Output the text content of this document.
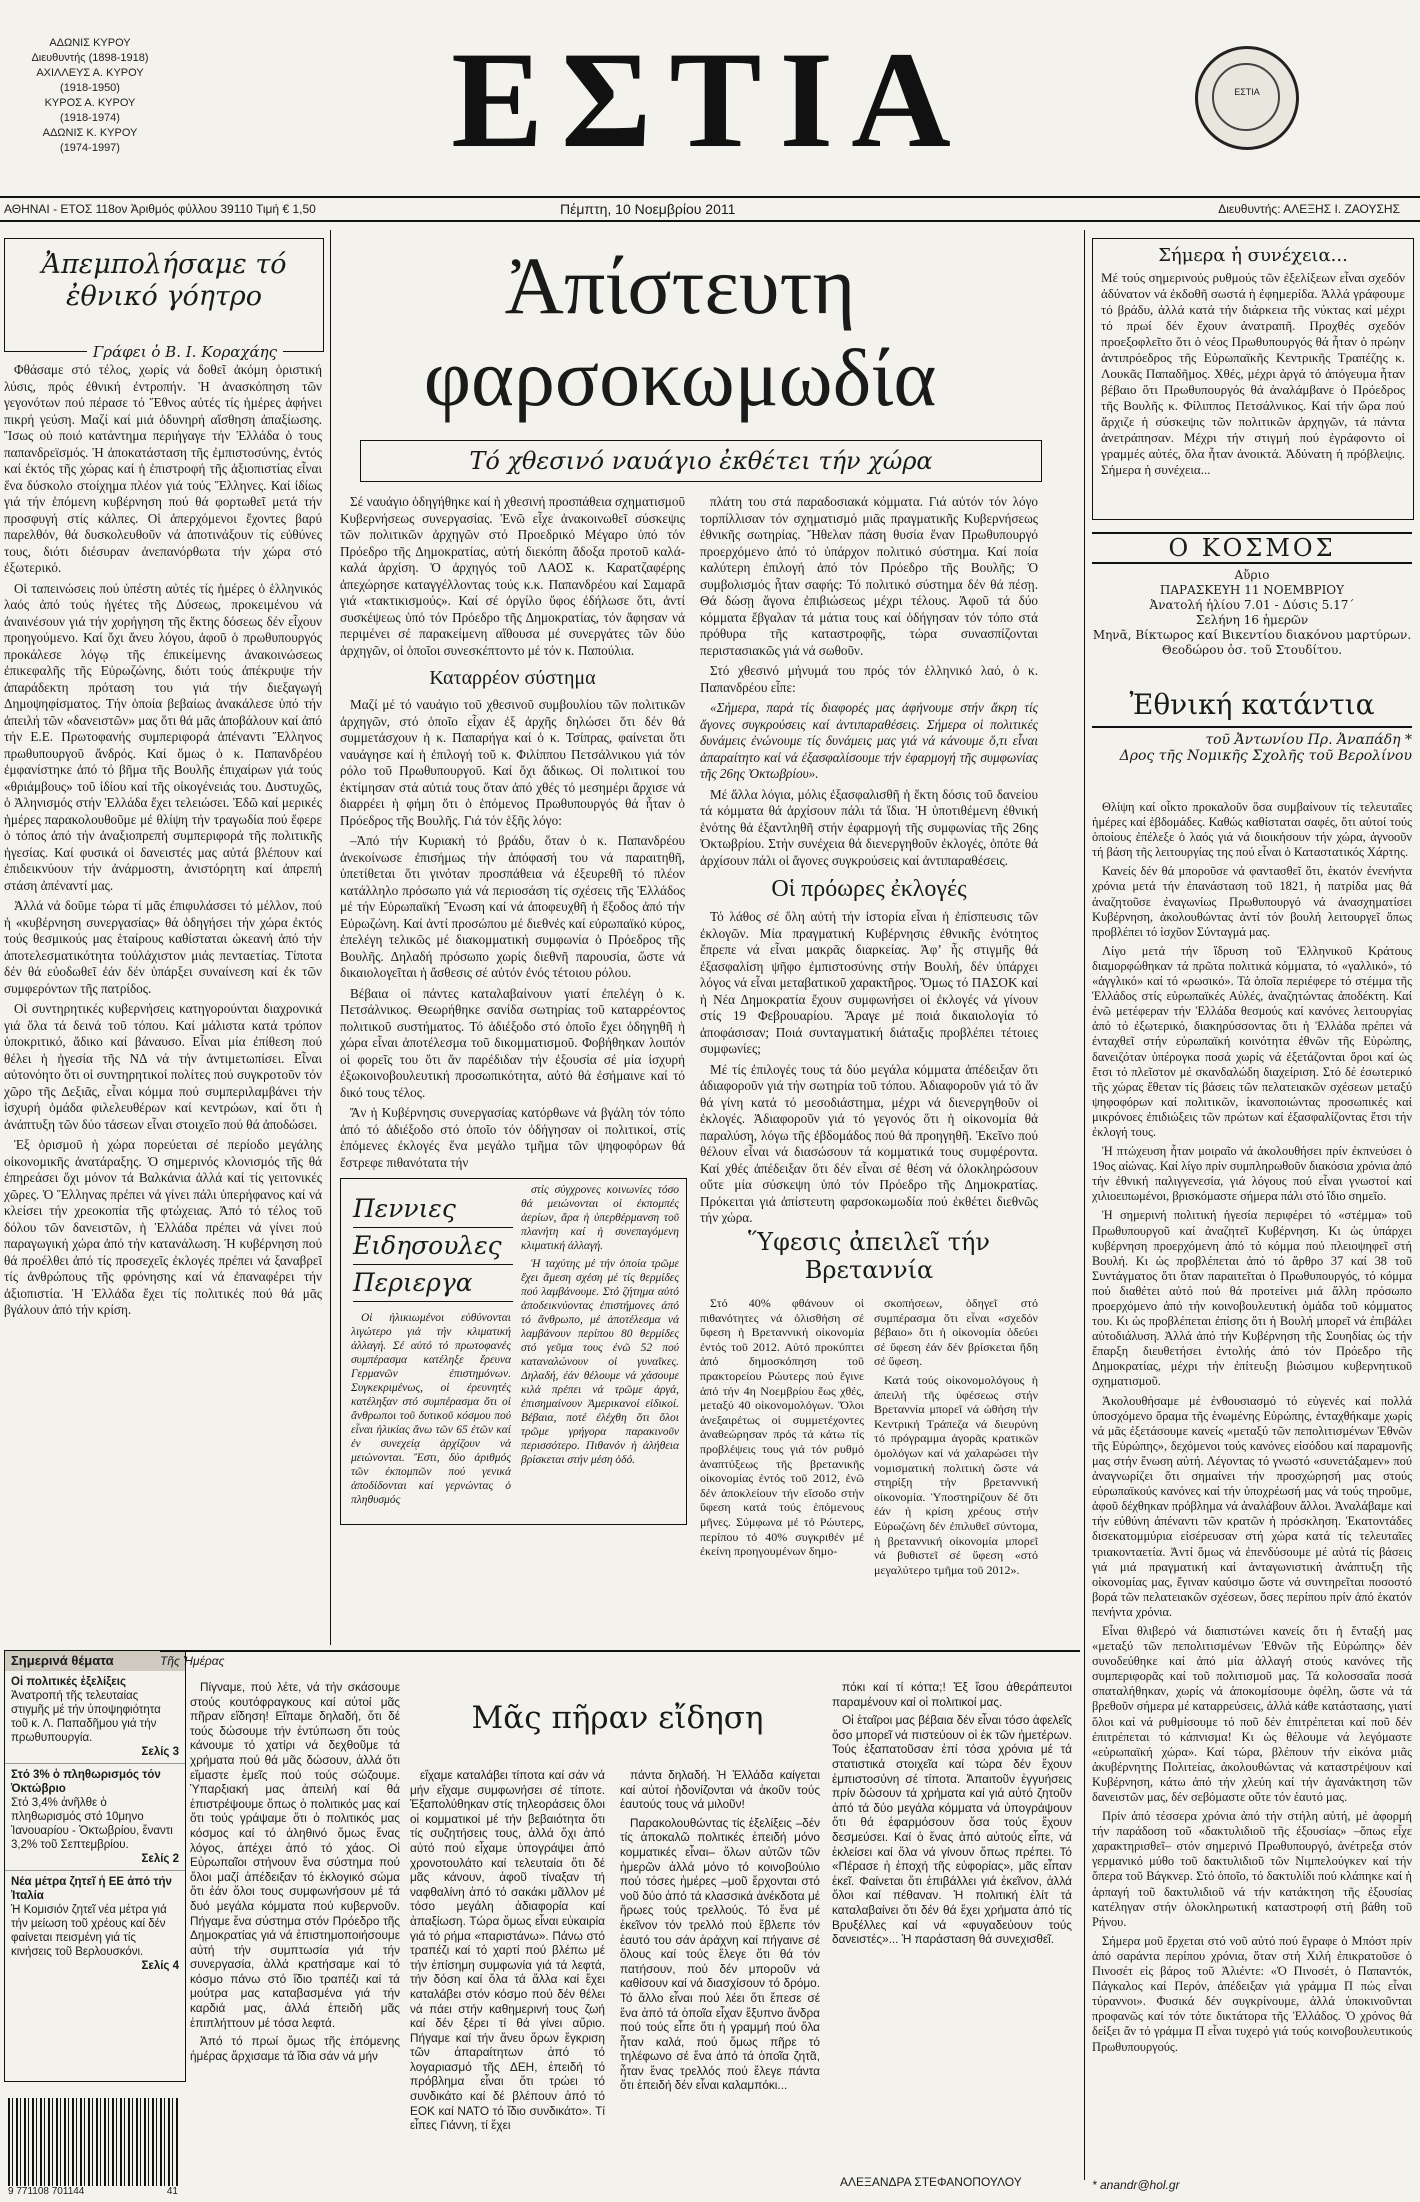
ΑΔΩΝΙΣ ΚΥΡΟΥ
Διευθυντής (1898-1918)
ΑΧΙΛΛΕΥΣ Α. ΚΥΡΟΥ
(1918-1950)
ΚΥΡΟΣ Α. ΚΥΡΟΥ
(1918-1974)
ΑΔΩΝΙΣ Κ. ΚΥΡΟΥ
(1974-1997)	ΕΣΤΙΑ	ΕΣΤΙΑ
ΑΘΗΝΑΙ - ΕΤΟΣ 118ον Ἀριθμός φύλλου 39110 Τιμή € 1,50	Πέμπτη, 10 Νοεμβρίου 2011	Διευθυντής: ΑΛΕΞΗΣ Ι. ΖΑΟΥΣΗΣ
Ἀπεμπολήσαμε τό ἐθνικό γόητρο
Γράφει ὁ Β. Ι. Κοραχάης

Φθάσαμε στό τέλος, χωρίς νά δοθεῖ ἀκόμη ὁριστική λύσις, πρός ἐθνική ἐντροπήν. Ἡ ἀνασκόπηση τῶν γεγονότων πού πέρασε τό Ἔθνος αὐτές τίς ἡμέρες ἀφήνει πικρή γεύση. Μαζί καί μιά ὀδυνηρή αἴσθηση ἀπαξίωσης. Ἴσως οὐ ποιό κατάντημα περιήγαγε τήν Ἑλλάδα ὁ τους παπανδρεϊσμός. Ἡ ἀποκατάσταση τῆς ἐμπιστοσύνης, ἐντός καί ἐκτός τῆς χώρας καί ἡ ἐπιστροφή τῆς ἀξιοπιστίας εἶναι ἕνα δύσκολο στοίχημα πλέον γιά τούς Ἕλληνες. Καί ἰδίως γιά τήν ἑπόμενη κυβέρνηση πού θά φορτωθεῖ μετά τήν προσφυγή στίς κάλπες. Οἱ ἀπερχόμενοι ἔχοντες βαρύ παρελθόν, θά δυσκολευθοῦν νά ἀποτινάξουν τίς εὐθύνες τους, διότι διέσυραν ἀνεπανόρθωτα τήν χώρα στό ἐξωτερικό.

Οἱ ταπεινώσεις πού ὑπέστη αὐτές τίς ἡμέρες ὁ ἑλληνικός λαός ἀπό τούς ἡγέτες τῆς Δύσεως, προκειμένου νά ἀναινέσουν γιά τήν χορήγηση τῆς ἕκτης δόσεως δέν εἶχουν προηγούμενο. Καί ὄχι ἄνευ λόγου, ἀφοῦ ὁ πρωθυπουργός προκάλεσε λόγῳ τῆς ἐπικείμενης ἀνακοινώσεως ἐπικεφαλῆς τῆς Εὐρωζώνης, διότι τούς ἀπέκρυψε τήν ἀπαράδεκτη πρόταση του γιά τήν διεξαγωγή Δημοψηφίσματος. Τήν ὁποία βεβαίως ἀνακάλεσε ὑπό τήν ἀπειλή τῶν «δανειστῶν» μας ὅτι θά μᾶς ἀποβάλουν καί ἀπό τήν Ε.Ε. Πρωτοφανής συμπεριφορά ἀπέναντι Ἕλληνος πρωθυπουργοῦ ἄνδρός. Καί ὅμως ὁ κ. Παπανδρέου ἐμφανίστηκε ἀπό τό βῆμα τῆς Βουλῆς ἐπιχαίρων γιά τούς «θριάμβους» τοῦ ἰδίου καί τῆς οἰκογένειάς του. Δυστυχῶς, ὁ Ἀληνισμός στήν Ἑλλάδα ἔχει τελειώσει. Ἐδῶ καί μερικές ἡμέρες παρακολουθοῦμε μέ θλίψη τήν τραγωδία πού ἔφερε ὁ τόπος ἀπό τήν ἀναξιοπρεπή συμπεριφορά τῆς πολιτικῆς ἡγεσίας. Καί φυσικά οἱ δανειστές μας αὐτά βλέπουν καί ἐπιδεικνύουν τήν ἀνάρμοστη, ἀνιστόρητη καί ἀπρεπή στάση ἀπέναντί μας.

Ἀλλά νά δοῦμε τώρα τί μᾶς ἐπιφυλάσσει τό μέλλον, πού ἡ «κυβέρνηση συνεργασίας» θά ὁδηγήσει τήν χώρα ἐκτός τούς θεσμικούς μας ἑταίρους καθίσταται ὠκεανή ἀπό τήν ἀποτελεσματικότητα τούλάχιστον μιάς πενταετίας. Τίποτα δέν θά εὐοδωθεῖ ἐάν δέν ὑπάρξει συναίνεση καί ἐκ τῶν συμφερόντων τῆς πατρίδος.

Οἱ συντηρητικές κυβερνήσεις κατηγορούνται διαχρονικά γιά ὅλα τά δεινά τοῦ τόπου. Καί μάλιστα κατά τρόπον ὑποκριτικό, ἄδικο καί βάναυσο. Εἶναι μία ἐπίθεση πού θέλει ἡ ἡγεσία τῆς ΝΔ νά τήν ἀντιμετωπίσει. Εἶναι αὐτονόητο ὅτι οἱ συντηρητικοί πολίτες πού συγκροτοῦν τόν χῶρο τῆς Δεξιᾶς, εἶναι κόμμα πού συμπεριλαμβάνει τήν ἰσχυρή ὁμάδα φιλελευθέρων καί κεντρώων, καί ὅτι ἡ ἀνάπτυξη τῶν δύο τάσεων εἶναι στοιχεῖο πού θά ἀποδώσει.

Ἐξ ὁρισμοῦ ἡ χώρα πορεύεται σέ περίοδο μεγάλης οἰκονομικῆς ἀνατάραξης. Ὁ σημερινός κλονισμός τῆς θά ἐπηρεάσει ὄχι μόνον τά Βαλκάνια ἀλλά καί τίς γειτονικές χῶρες. Ὁ Ἕλληνας πρέπει νά γίνει πάλι ὑπερήφανος καί νά κλείσει τήν χρεοκοπία τῆς φτώχειας. Ἀπό τό τέλος τοῦ δόλου τῶν δανειστῶν, ἡ Ἑλλάδα πρέπει νά γίνει πού παραγωγική χώρα ἀπό τήν κατανάλωση. Ἡ κυβέρνηση πού θά προέλθει ἀπό τίς προσεχεῖς ἐκλογές πρέπει νά ξαναβρεῖ τίς ἀνθρώπους τῆς φρόνησης καί νά ἐπαναφέρει τήν ἀξιοπιστία. Ἡ Ἑλλάδα ἔχει τίς πολιτικές πού θά μᾶς βγάλουν ἀπό τήν κρίση.

Ἀπίστευτη
φαρσοκωμωδία
Τό χθεσινό ναυάγιο ἐκθέτει τήν χώρα

Σέ ναυάγιο ὁδηγήθηκε καί ἡ χθεσινή προσπάθεια σχηματισμοῦ Κυβερνήσεως συνεργασίας. Ἐνῶ εἶχε ἀνακοινωθεῖ σύσκεψις τῶν πολιτικῶν ἀρχηγῶν στό Προεδρικό Μέγαρο ὑπό τόν Πρόεδρο τῆς Δημοκρατίας, αὐτή διεκόπη ἄδοξα προτοῦ καλά-καλά ἀρχίση. Ὁ ἀρχηγός τοῦ ΛΑΟΣ κ. Καρατζαφέρης ἀπεχώρησε καταγγέλλοντας τούς κ.κ. Παπανδρέου καί Σαμαρᾶ γιά «τακτικισμούς». Καί σέ ὀργίλο ὕφος ἐδήλωσε ὅτι, ἀντί συσκέψεως ὑπό τόν Πρόεδρο τῆς Δημοκρατίας, τόν ἄφησαν νά περιμένει σέ παρακείμενη αἴθουσα μέ συνεργάτες τῶν δύο ἀρχηγῶν, οἱ ὁποῖοι συνεσκέπτοντο μέ τόν κ. Παπούλια.

Καταρρέον σύστημα

Μαζί μέ τό ναυάγιο τοῦ χθεσινοῦ συμβουλίου τῶν πολιτικῶν ἀρχηγῶν, στό ὁποῖο εἶχαν ἐξ ἀρχῆς δηλώσει ὅτι δέν θά συμμετάσχουν ἡ κ. Παπαρήγα καί ὁ κ. Τσίπρας, φαίνεται ὅτι ναυάγησε καί ἡ ἐπιλογή τοῦ κ. Φιλίππου Πετσάλνικου γιά τόν ρόλο τοῦ Πρωθυπουργοῦ. Καί ὄχι ἄδικως. Οἱ πολιτικοί του ἐκτίμησαν στά αὐτιά τους ὅταν ἀπό χθές τό μεσημέρι ἄρχισε νά διαρρέει ἡ φήμη ὅτι ὁ ἑπόμενος Πρωθυπουργός θά ἦταν ὁ Πρόεδρος τῆς Βουλῆς. Γιά τόν ἑξῆς λόγο:

–Ἀπό τήν Κυριακή τό βράδυ, ὅταν ὁ κ. Παπανδρέου ἀνεκοίνωσε ἐπισήμως τήν ἀπόφασή του νά παραιτηθῆ, ὑπετίθεται ὅτι γινόταν προσπάθεια νά ἐξευρεθῆ τό πλέον κατάλληλο πρόσωπο γιά νά περιοσάση τίς σχέσεις τῆς Ἑλλάδος μέ τήν Εὐρωπαϊκή Ἕνωση καί νά ἀποφευχθῆ ἡ ἔξοδος ἀπό τήν Εὐρωζώνη. Καί ἀντί προσώπου μέ διεθνές καί εὐρωπαϊκό κύρος, ἐπελέγη τελικῶς μέ διακομματική συμφωνία ὁ Πρόεδρος τῆς Βουλῆς. Δηλαδή πρόσωπο χωρίς διεθνῆ παρουσία, ὥστε νά δικαιολογεῖται ἡ ἄσθεσις σέ αὐτόν ἐνός τέτοιου ρόλου.

Βέβαια οἱ πάντες καταλαβαίνουν γιατί ἐπελέγη ὁ κ. Πετσάλνικος. Θεωρήθηκε σανίδα σωτηρίας τοῦ καταρρέοντος πολιτικοῦ συστήματος. Τό ἀδιέξοδο στό ὁποῖο ἔχει ὁδηγηθῆ ἡ χώρα εἶναι ἀποτέλεσμα τοῦ δικομματισμοῦ. Φοβήθηκαν λοιπόν οἱ φορεῖς του ὅτι ἄν παρέδιδαν τήν ἐξουσία σέ μία ἰσχυρή ἐξωκοινοβουλευτική προσωπικότητα, αὐτό θά ἐσήμαινε καί τό δικό τους τέλος.

Ἄν ἡ Κυβέρνησις συνεργασίας κατόρθωνε νά βγάλη τόν τόπο ἀπό τό ἀδιέξοδο στό ὁποῖο τόν ὁδήγησαν οἱ πολιτικοί, στίς ἑπόμενες ἐκλογές ἕνα μεγάλο τμῆμα τῶν ψηφοφόρων θά ἔστρεφε πιθανότατα τήν

πλάτη του στά παραδοσιακά κόμματα. Γιά αὐτόν τόν λόγο τορπίλλισαν τόν σχηματισμό μιᾶς πραγματικῆς Κυβερνήσεως ἐθνικῆς σωτηρίας. Ἤθελαν πάση θυσία ἕναν Πρωθυπουργό προερχόμενο ἀπό τό ὑπάρχον πολιτικό σύστημα. Καί ποία καλύτερη ἐπιλογή ἀπό τόν Πρόεδρο τῆς Βουλῆς; Ὁ συμβολισμός ἦταν σαφής: Τό πολιτικό σύστημα δέν θά πέσῃ. Θά δώσῃ ἄγονα ἐπιβιώσεως μέχρι τέλους. Ἀφοῦ τά δύο κόμματα ἔβγαλαν τά μάτια τους καί ὁδήγησαν τόν τόπο στά πρόθυρα τῆς καταστροφῆς, τώρα συνασπίζονται περιστασιακῶς γιά νά σωθοῦν.

Στό χθεσινό μήνυμά του πρός τόν ἑλληνικό λαό, ὁ κ. Παπανδρέου εἶπε:

«Σήμερα, παρά τίς διαφορές μας ἀφήνουμε στήν ἄκρη τίς ἄγονες συγκρούσεις καί ἀντιπαραθέσεις. Σήμερα οἱ πολιτικές δυνάμεις ἐνώνουμε τίς δυνάμεις μας γιά νά κάνουμε ὅ,τι εἶναι ἀπαραίτητο καί νά ἐξασφαλίσουμε τήν ἐφαρμογή τῆς συμφωνίας τῆς 26ης Ὀκτωβρίου».

Μέ ἄλλα λόγια, μόλις ἐξασφαλισθῆ ἡ ἕκτη δόσις τοῦ δανείου τά κόμματα θά ἀρχίσουν πάλι τά ἴδια. Ἡ ὑποτιθέμενη ἐθνική ἑνότης θά ἐξαντληθῆ στήν ἐφαρμογή τῆς συμφωνίας τῆς 26ης Ὀκτωβρίου. Στήν συνέχεια θά διενεργηθοῦν ἐκλογές, ὁπότε θά ἀρχίσουν πάλι οἱ ἄγονες συγκρούσεις καί ἀντιπαραθέσεις.

Οἱ πρόωρες ἐκλογές

Τό λάθος σέ ὅλη αὐτή τήν ἱστορία εἶναι ἡ ἐπίσπευσις τῶν ἐκλογῶν. Μία πραγματική Κυβέρνησις ἐθνικῆς ἑνότητος ἔπρεπε νά εἶναι μακρᾶς διαρκείας. Ἀφ’ ἧς στιγμῆς θά ἐξασφαλίση ψῆφο ἐμπιστοσύνης στήν Βουλή, δέν ὑπάρχει λόγος νά εἶναι μεταβατικοῦ χαρακτῆρος. Ὅμως τό ΠΑΣΟΚ καί ἡ Νέα Δημοκρατία ἔχουν συμφωνήσει οἱ ἐκλογές νά γίνουν στίς 19 Φεβρουαρίου. Ἄραγε μέ ποιά δικαιολογία τό ἀποφάσισαν; Ποιά συνταγματική διάταξις προβλέπει τέτοιες συμφωνίες;

Μέ τίς ἐπιλογές τους τά δύο μεγάλα κόμματα ἀπέδειξαν ὅτι ἀδιαφοροῦν γιά τήν σωτηρία τοῦ τόπου. Ἀδιαφοροῦν γιά τό ἄν θά γίνη κατά τό μεσοδιάστημα, μέχρι νά διενεργηθοῦν οἱ ἐκλογές. Ἀδιαφοροῦν γιά τό γεγονός ὅτι ἡ οἰκονομία θά παραλύση, λόγω τῆς ἐβδομάδος πού θά προηγηθῆ. Ἐκεῖνο πού θέλουν εἶναι νά διασώσουν τά κομματικά τους συμφέροντα. Καί χθές ἀπέδειξαν ὅτι δέν εἶναι σέ θέση νά ὀλοκληρώσουν οὔτε μία σύσκεψη ὑπό τόν Πρόεδρο τῆς Δημοκρατίας. Πρόκειται γιά ἀπίστευτη φαρσοκωμωδία πού ἐκθέτει διεθνῶς τήν χώρα.

Ὕφεσις ἀπειλεῖ τήν Βρεταννία

Στό 40% φθάνουν οἱ πιθανότητες νά ὀλισθήση σέ ὕφεση ἡ Βρεταννική οἰκονομία ἐντός τοῦ 2012. Αὐτό προκύπτει ἀπό δημοσκόπηση τοῦ πρακτορείου Ρώυτερς πού ἔγινε ἀπό τήν 4η Νοεμβρίου ἕως χθές, μεταξύ 40 οἰκονομολόγων. Ὅλοι ἀνεξαιρέτως οἱ συμμετέχοντες ἀναθεώρησαν πρός τά κάτω τίς προβλέψεις τους γιά τόν ρυθμό ἀναπτύξεως τῆς βρετανικῆς οἰκονομίας ἐντός τοῦ 2012, ἐνῶ δέν ἀποκλείουν τήν εἴσοδο στήν ὕφεση κατά τούς ἑπόμενους μῆνες. Σύμφωνα μέ τό Ρώυτερς, περίπου τό 40% συγκριθέν μέ ἐκείνη προηγουμένων δημο-

σκοπήσεων, ὁδηγεῖ στό συμπέρασμα ὅτι εἶναι «σχεδόν βέβαιο» ὅτι ἡ οἰκονομία ὁδεύει σέ ὕφεση ἐάν δέν βρίσκεται ἤδη σέ ὕφεση.

Κατά τούς οἰκονομολόγους ἡ ἀπειλή τῆς ὑφέσεως στήν Βρεταννία μπορεῖ νά ὠθήση τήν Κεντρική Τράπεζα νά διευρύνη τό πρόγραμμα ἀγορᾶς κρατικῶν ὁμολόγων καί νά χαλαρώσει τήν νομισματική πολιτική ὥστε νά στηρίξη τήν βρεταννική οἰκονομία. Ὑποστηρίζουν δέ ὅτι ἐάν ἡ κρίση χρέους στήν Εὐρωζώνη δέν ἐπιλυθεῖ σύντομα, ἡ βρεταννική οἰκονομία μπορεῖ νά βυθιστεῖ σέ ὕφεση «στό μεγαλύτερο τμῆμα τοῦ 2012».

Πεννιες
Ειδησουλες
Περιεργα

Οἱ ἠλικιωμένοι εὐθύνονται λιγώτερο γιά τήν κλιματική ἀλλαγή. Σέ αὐτό τό πρωτοφανές συμπέρασμα κατέληξε ἔρευνα Γερμανῶν ἐπιστημόνων. Συγκεκριμένως, οἱ ἐρευνητές κατέληξαν στό συμπέρασμα ὅτι οἱ ἄνθρωποι τοῦ δυτικοῦ κόσμου πού εἶναι ἡλικίας ἄνω τῶν 65 ἐτῶν καί ἐν συνεχείᾳ ἀρχίζουν νά μειώνονται. Ἔστι, δύο ἀριθμός τῶν ἐκπομπῶν πού γενικά ἀποδίδονται καί γερνώντας ὁ πληθυσμός

στίς σύγχρονες κοινωνίες τόσο θά μειώνονται οἱ ἐκπομπές ἀερίων, ἄρα ἡ ὑπερθέρμανση τοῦ πλανήτη καί ἡ συνεπαγόμενη κλιματική ἀλλαγή.

Ἡ ταχύτης μέ τήν ὁποία τρῶμε ἔχει ἄμεση σχέση μέ τίς θερμίδες πού λαμβάνουμε. Στό ζήτημα αὐτό ἀποδεικνύοντας ἐπιστήμονες ἀπό τό ἄνθρωπο, μέ ἀποτέλεσμα νά λαμβάνουν περίπου 80 θερμίδες στό γεῦμα τους ἐνῶ 52 πού καταναλώνουν οἱ γυναῖκες. Δηλαδή, ἐάν θέλουμε νά χάσουμε κιλά πρέπει νά τρῶμε ἀργά, ἐπισημαίνουν Ἀμερικανοί εἰδικοί. Βέβαια, ποτέ ἐλέχθη ὅτι ὅλοι τρῶμε γρήγορα παρακινοῦν περισσότερο. Πιθανόν ἡ ἀλήθεια βρίσκεται στήν μέση ὁδό.

Σήμερα ἡ συνέχεια...
Μέ τούς σημερινούς ρυθμούς τῶν ἐξελίξεων εἶναι σχεδόν ἀδύνατον νά ἐκδοθῆ σωστά ἡ ἐφημερίδα. Ἀλλά γράφουμε τό βράδυ, ἀλλά κατά τήν διάρκεια τῆς νύκτας καί μέχρι τό πρωί δέν ἔχουν ἀνατραπῆ. Προχθές σχεδόν προεξοφλεῖτο ὅτι ὁ νέος Πρωθυπουργός θά ἦταν ὁ πρώην ἀντιπρόεδρος τῆς Εὐρωπαϊκῆς Κεντρικῆς Τραπέζης κ. Λουκᾶς Παπαδῆμος. Χθές, μέχρι ἀργά τό ἀπόγευμα ἦταν βέβαιο ὅτι Πρωθυπουργός θά ἀναλάμβανε ὁ Πρόεδρος τῆς Βουλῆς κ. Φίλιππος Πετσάλνικος. Καί τήν ὥρα πού ἄρχιζε ἡ σύσκεψις τῶν πολιτικῶν ἀρχηγῶν, τά πάντα ἀνετράπησαν. Μέχρι τήν στιγμή πού ἐγράφοντο οἱ γραμμές αὐτές, ὅλα ἦταν ἀνοικτά. Ἀδύνατη ἡ πρόβλεψις. Σήμερα ἡ συνέχεια...
Ο ΚΟΣΜΟΣ
Αὔριο
ΠΑΡΑΣΚΕΥΗ 11 ΝΟΕΜΒΡΙΟΥ
Ἀνατολή ἡλίου 7.01 - Δύσις 5.17΄
Σελήνη 16 ἡμερῶν
Μηνᾶ, Βίκτωρος καί Βικεντίου διακόνου μαρτύρων.
Θεοδώρου ὁσ. τοῦ Στουδίτου.
Ἐθνική κατάντια
τοῦ Ἀντωνίου Πρ. Ἀναπάδη *
Δρος τῆς Νομικῆς Σχολῆς τοῦ Βερολίνου

Θλίψη καί οἶκτο προκαλοῦν ὅσα συμβαίνουν τίς τελευταῖες ἡμέρες καί ἑβδομάδες. Καθώς καθίσταται σαφές, ὅτι αὐτοί τούς ὁποίους ἐπέλεξε ὁ λαός γιά νά διοικήσουν τήν χώρα, ἀγνοοῦν τή βάση τῆς λειτουργίας της πού εἶναι ὁ Καταστατικός Χάρτης.

Κανείς δέν θά μποροῦσε νά φαντασθεῖ ὅτι, ἑκατόν ἐνενήντα χρόνια μετά τήν ἐπανάσταση τοῦ 1821, ἡ πατρίδα μας θά ἀναζητοῦσε ἐναγωνίως Πρωθυπουργό νά ἀνασχηματίσει Κυβέρνηση, ἀκολουθώντας ἀντί τόν βουλή λειτουργεῖ ὅπως προβλέπει τό ἰσχῦον Σύνταγμά μας.

Λίγο μετά τήν ἵδρυση τοῦ Ἑλληνικοῦ Κράτους διαμορφώθηκαν τά πρῶτα πολιτικά κόμματα, τό «γαλλικό», τό «ἀγγλικό» καί τό «ρωσικό». Τά ὁποῖα περιέφερε τό στέμμα τῆς Ἑλλάδος στίς εὐρωπαϊκές Αὐλές, ἀναζητώντας ἀποδέκτη. Καί ἐνῶ μετέφεραν τήν Ἑλλάδα θεσμούς καί κανόνες λειτουργίας ἀπό τό ἐξωτερικό, διακηρύσσοντας ὅτι ἡ Ἑλλάδα πρέπει νά ἐνταχθεῖ στήν εὐρωπαϊκή κοινότητα ἐθνῶν τῆς Εὐρώπης, δανειζόταν ὑπέρογκα ποσά χωρίς νά ἐξετάζονται ὅροι καί ὡς ἔτσι τό πλεῖστον μέ σκανδαλώδη διαχείριση. Στό δέ ἐσωτερικό τῆς χώρας ἔθεταν τίς βάσεις τῶν πελατειακῶν σχέσεων μεταξύ ψηφοφόρων καί πολιτικῶν, ἱκανοποιώντας προσωπικές καί μικρόνοες ἐπιδιώξεις τῶν πρώτων καί ἐξασφαλίζοντας ἔτσι τήν ἐκλογή τους.

Ἡ πτώχευση ἦταν μοιραῖο νά ἀκολουθήσει πρίν ἐκπνεύσει ὁ 19ος αἰώνας. Καί λίγο πρίν συμπληρωθοῦν διακόσια χρόνια ἀπό τήν ἐθνική παλιγγενεσία, γιά λόγους πού εἶναι γνωστοί καί χιλιοειπωμένοι, βρισκόμαστε σήμερα πάλι στό ἴδιο σημεῖο.

Ἡ σημερινή πολιτική ἡγεσία περιφέρει τό «στέμμα» τοῦ Πρωθυπουργοῦ καί ἀναζητεῖ Κυβέρνηση. Κι ὡς ὑπάρχει κυβέρνηση προερχόμενη ἀπό τό κόμμα πού πλειοψηφεῖ στή Βουλή. Κι ὡς προβλέπεται ἀπό τό ἄρθρο 37 καί 38 τοῦ Συντάγματος ὅτι ὅταν παραιτεῖται ὁ Πρωθυπουργός, τό κόμμα πού διαθέτει αὐτό πού θά προτείνει μιά ἄλλη πρόσωπο προερχόμενο ἀπό τήν κοινοβουλευτική ὁμάδα τοῦ κόμματος του. Κι ὡς προβλέπεται ἐπίσης ὅτι ἡ Βουλή μπορεῖ νά ἐπιβάλει αὐτοδιάλυση. Ἀλλά ἀπό τήν Κυβέρνηση τῆς Σουηδίας ὡς τήν ἔπαρξη διευθετήσει ἐντολής ἀπό τόν Πρόεδρο τῆς Δημοκρατίας, μέχρι τήν ἐπίτευξη βιώσιμου κυβερνητικοῦ σχηματισμοῦ.

Ἀκολουθήσαμε μέ ἐνθουσιασμό τό εὐγενές καί πολλά ὑποσχόμενο ὅραμα τῆς ἑνωμένης Εὐρώπης, ἐνταχθήκαμε χωρίς νά μᾶς ἐξετάσουμε κανείς «μεταξύ τῶν πεπολιτισμένων Ἐθνῶν τῆς Εὐρώπης», δεχόμενοι τούς κανόνες εἰσόδου καί παραμονῆς μας στήν ἔνωση αὐτή. Λέγοντας τό γνωστό «συνετάξαμεν» πού ἀναγνωρίζει ὅτι σημαίνει τήν προσχώρησή μας στούς εὐρωπαϊκούς κανόνες καί τήν ὑποχρέωσή μας νά τούς τηροῦμε, ἀφοῦ δέχθηκαν πρόβλημα νά ἀναλάβουν ἄλλοι. Ἀναλάβαμε καί τήν εὐθύνη ἀπέναντι τῶν κρατῶν ἡ πρόσκληση. Ἑκατοντάδες δισεκατομμύρια εἰσέρευσαν στή χώρα κατά τίς τελευταῖες τριακονταετία. Ἀντί ὅμως νά ἐπενδύσουμε μέ αὐτά τίς βάσεις γιά μιά πραγματική καί ἀνταγωνιστική ἀνάπτυξη τῆς οἰκονομίας μας, ἔγιναν καύσιμο ὥστε νά συντηρεῖται ποσοστό βορά τῶν πελατειακῶν σχέσεων, ὅσες περίπου πρίν ἀπό ἑκατόν πενήντα χρόνια.

Εἶναι θλιβερό νά διαπιστώνει κανείς ὅτι ἡ ἔνταξή μας «μεταξύ τῶν πεπολιτισμένων Ἐθνῶν τῆς Εὐρώπης» δέν συνοδεύθηκε καί ἀπό μία ἀλλαγή στούς κανόνες τῆς συμπεριφορᾶς καί τοῦ πολιτισμοῦ μας. Τά κολοσσαῖα ποσά σπαταλήθηκαν, χωρίς νά ἀποκομίσουμε ὀφέλη, ὥστε νά τά βρεθοῦν σήμερα μέ καταρρεύσεις, ἀλλά κάθε κατάστασης, γιατί ὅλοι καί νά ρυθμίσουμε τό ποῦ δέν ἐπιτρέπεται καί ποῦ δέν ἐπιτρέπεται τό κάπνισμα! Κι ὡς θέλουμε νά λεγόμαστε «εὐρωπαϊκή χώρα». Καί τώρα, βλέπουν τήν εἰκόνα μιᾶς ἀκυβέρνητης Πολιτείας, ἀκολουθώντας νά καταστρέψουν καί Κυβέρνηση, κάτω ἀπό τήν χλεύη καί τήν ἀγανάκτηση τῶν δανειστῶν μας, δέν σεβόμαστε οὔτε τόν ἑαυτό μας.

Πρίν ἀπό τέσσερα χρόνια ἀπό τήν στήλη αὐτή, μέ ἀφορμή τήν παράδοση τοῦ «δακτυλιδιοῦ τῆς ἐξουσίας» –ὅπως εἶχε χαρακτηρισθεῖ– στόν σημερινό Πρωθυπουργό, ἀνέτρεξα στόν γερμανικό μύθο τοῦ δακτυλιδιοῦ τῶν Νιμπελούγκεν καί τήν ὄπερα τοῦ Βάγκνερ. Στό ὁποῖο, τό δακτυλίδι πού κλάπηκε καί ἡ ἁρπαγή τοῦ δακτυλιδιοῦ νά τήν κατάκτηση τῆς ἐξουσίας κατέληγαν στήν ὁλοκληρωτική καταστροφή στή βάθη τοῦ Ρήνου.

Σήμερα μοῦ ἔρχεται στό νοῦ αὐτό πού ἔγραφε ὁ Μπόστ πρίν ἀπό σαράντα περίπου χρόνια, ὅταν στή Χιλή ἐπικρατοῦσε ὁ Πινοσέτ εἰς βάρος τοῦ Ἀλιέντε: «Ὁ Πινοσέτ, ὁ Παπαντόκ, Πάγκαλος καί Περόν, ἀπέδειξαν γιά γράμμα Π πώς εἶναι τύραννοι». Φυσικά δέν συγκρίνουμε, ἀλλά ὑποκινοῦνται προφανῶς καί τόν τότε δικτάτορα τῆς Ἑλλάδος. Ὁ χρόνος θά δείξει ἄν τό γράμμα Π εἶναι τυχερό γιά τούς κοινοβουλευτικούς Πρωθυπουργούς.

* anandr@hol.gr
Σημερινά θέματα
Οἱ πολιτικές ἐξελίξεις
Ἀνατροπή τῆς τελευταίας στιγμῆς μέ τήν ὑποψηφιότητα τοῦ κ. Λ. Παπαδῆμου γιά τήν πρωθυπουργία.
Σελίς 3
Στό 3% ὁ πληθωρισμός τόν Ὀκτώβριο
Στό 3,4% ἀνῆλθε ὁ πληθωρισμός στό 10μηνο Ἰανουαρίου - Ὀκτωβρίου, ἔναντι 3,2% τοῦ Σεπτεμβρίου.
Σελίς 2
Νέα μέτρα ζητεῖ ἡ ΕΕ ἀπό τήν Ἰταλία
Ἡ Κομισιόν ζητεῖ νέα μέτρα γιά τήν μείωση τοῦ χρέους καί δέν φαίνεται πεισμένη γιά τίς κινήσεις τοῦ Βερλουσκόνι.
Σελίς 4
9 771108 701144	41
Τῆς Ἡμέρας
Μᾶς πῆραν εἴδηση

Πίγναμε, πού λέτε, νά τήν σκάσουμε στούς κουτόφραγκους καί αὐτοί μᾶς πῆραν εἴδηση! Εἴπαμε δηλαδή, ὅτι δέ τούς δώσουμε τήν ἐντύπωση ὅτι τούς κάνουμε τό χατίρι νά δεχθοῦμε τά χρήματα πού θά μᾶς δώσουν, ἀλλά ὅτι εἴμαστε ἐμεῖς πού τούς σώζουμε. Ὑπαρξιακή μας ἀπειλή καί θά ἐπιστρέψουμε ὅπως ὁ πολιτικός μας καί ὅτι τούς γράψαμε ὅτι ὁ πολιτικός μας κόσμος καί τό ἀληθινό ὅμως ἕνας λόγος, ἀπέχει ἀπό τό χάος. Οἱ Εὐρωπαῖοι στήνουν ἕνα σύστημα πού ὅλοι μαζί ἀπέδειξαν τό ἐκλογικό σώμα ὅτι ἐάν ὅλοι τους συμφωνήσουν μέ τά δυό μεγάλα κόμματα πού κυβερνοῦν. Πήγαμε ἕνα σύστημα στόν Πρόεδρο τῆς Δημοκρατίας γιά νά ἐπιστημοποιήσουμε αὐτή τήν συμπτωσία γιά τήν συνεργασία, ἀλλά κρατήσαμε καί τό κόσμο πάνω στό ἴδιο τραπέζι καί τά μούτρα μας καταβασμένα γιά τήν καρδιά μας, ἀλλά ἐπειδή μᾶς ἐπιπλήττουν μέ τόσα λεφτά.

Ἀπό τό πρωί ὅμως τῆς ἑπόμενης ἡμέρας ἄρχισαμε τά ἴδια σάν νά μήν

εἴχαμε καταλάβει τίποτα καί σάν νά μήν εἴχαμε συμφωνήσει σέ τίποτε. Ἐξαπολύθηκαν στίς τηλεοράσεις ὅλοι οἱ κομματικοί μέ τήν βεβαιότητα ὅτι τίς συζητήσεις τους, ἀλλά ὄχι ἀπό αὐτό πού εἶχαμε ὑπογράψει ἀπό χρονοτουλάτο καί τελευταία ὅτι δέ μᾶς κάνουν, ἀφοῦ τίναξαν τή ναφθαλίνη ἀπό τό σακάκι μᾶλλον μέ τόσο μεγάλη ἀδιαφορία καί ἀπαξίωση. Τώρα ὅμως εἶναι εὐκαιρία γιά τό ρήμα «παριστάνω». Πάνω στό τραπέζι καί τό χαρτί πού βλέπω μέ τήν ἐπίσημη συμφωνία γιά τά λεφτά, τήν δόση καί ὅλα τά ἄλλα καί ἔχει καταλάβει στόν κόσμο πού δέν θέλει νά πάει στήν καθημερινή τους ζωή καί δέν ξέρει τί θά γίνει αὔριο. Πήγαμε καί τήν ἄνευ ὅρων ἔγκριση τῶν ἀπαραίτητων ἀπό τό λογαριασμό τῆς ΔΕΗ, ἐπειδή τό πρόβλημα εἶναι ὅτι τρώει τό συνδικάτο καί δέ βλέπουν ἀπό τό ΕΟΚ καί ΝΑΤΟ τό ἴδιο συνδικάτο». Τί εἶπες Γιάννη, τί ἔχει

πάντα δηλαδή. Ἡ Ἑλλάδα καίγεται καί αὐτοί ἡδονίζονται νά ἀκοῦν τούς ἑαυτούς τους νά μιλοῦν!

Παρακολουθώντας τίς ἐξελίξεις –δέν τίς ἀποκαλῶ πολιτικές ἐπειδή μόνο κομματικές εἶναι– ὅλων αὐτῶν τῶν ἡμερῶν ἀλλά μόνο τό κοινοβούλιο πού τόσες ἡμέρες –μοῦ ἔρχονται στό νοῦ δύο ἀπό τά κλασσικά ἀνέκδοτα μέ ἥρωες τούς τρελλούς. Τό ἕνα μέ ἐκεῖνον τόν τρελλό πού ἔβλεπε τόν ἐαυτό του σάν ἀράχνη καί πήγαινε σέ ὅλους καί τούς ἔλεγε ὅτι θά τόν πατήσουν, πού δέν μποροῦν νά καθίσουν καί νά διασχίσουν τό δρόμο. Τό ἄλλο εἶναι πού λέει ὅτι ἔπεσε σέ ἕνα ἀπό τά ὁποῖα εἶχαν ἔξυπνο ἄνδρα πού τούς εἶπε ὅτι ἡ γραμμή πού ὅλα ἦταν καλά, πού ὅμως πῆρε τό τηλέφωνο σέ ἕνα ἀπό τά ὁποῖα ζητᾶ, ἦταν ἕνας τρελλός πού ἔλεγε πάντα ὅτι ἐπειδή δέν εἶναι καλαμπόκι...

πόκι καί τί κόττα;! Ἐξ ἴσου ἀθεράπευτοι παραμένουν καί οἱ πολιτικοί μας.

Οἱ ἑταῖροι μας βέβαια δέν εἶναι τόσο ἀφελεῖς ὅσο μπορεῖ νά πιστεύουν οἱ ἐκ τῶν ἡμετέρων. Τούς ἐξαπατοῦσαν ἐπί τόσα χρόνια μέ τά στατιστικά στοιχεῖα καί τώρα δέν ἔχουν ἐμπιστοσύνη σέ τίποτα. Ἀπαιτοῦν ἐγγυήσεις πρίν δώσουν τά χρήματα καί γιά αὐτό ζητοῦν ἀπό τά δύο μεγάλα κόμματα νά ὑπογράψουν ὅτι θά ἐφαρμόσουν ὅσα τούς ἔχουν δεσμεύσει. Καί ὁ ἕνας ἀπό αὐτούς εἶπε, νά ἐκλείσει καί ὅλα νά γίνουν ὅπως πρέπει. Τό «Πέρασε ἡ ἐποχή τῆς εὐφορίας», μᾶς εἶπαν ἐκεῖ. Φαίνεται ὅτι ἐπιβάλλει γιά ἐκεῖνον, ἀλλά ὅλοι καί πέθαναν. Ἡ πολιτική ἐλίτ τά καταλαβαίνει ὅτι δέν θά ἔχει χρήματα ἀπό τίς Βρυξέλλες καί νά «φυγαδεύουν τούς δανειστές»... Ἡ παράσταση θά συνεχισθεῖ.

ΑΛΕΞΑΝΔΡΑ ΣΤΕΦΑΝΟΠΟΥΛΟΥ
